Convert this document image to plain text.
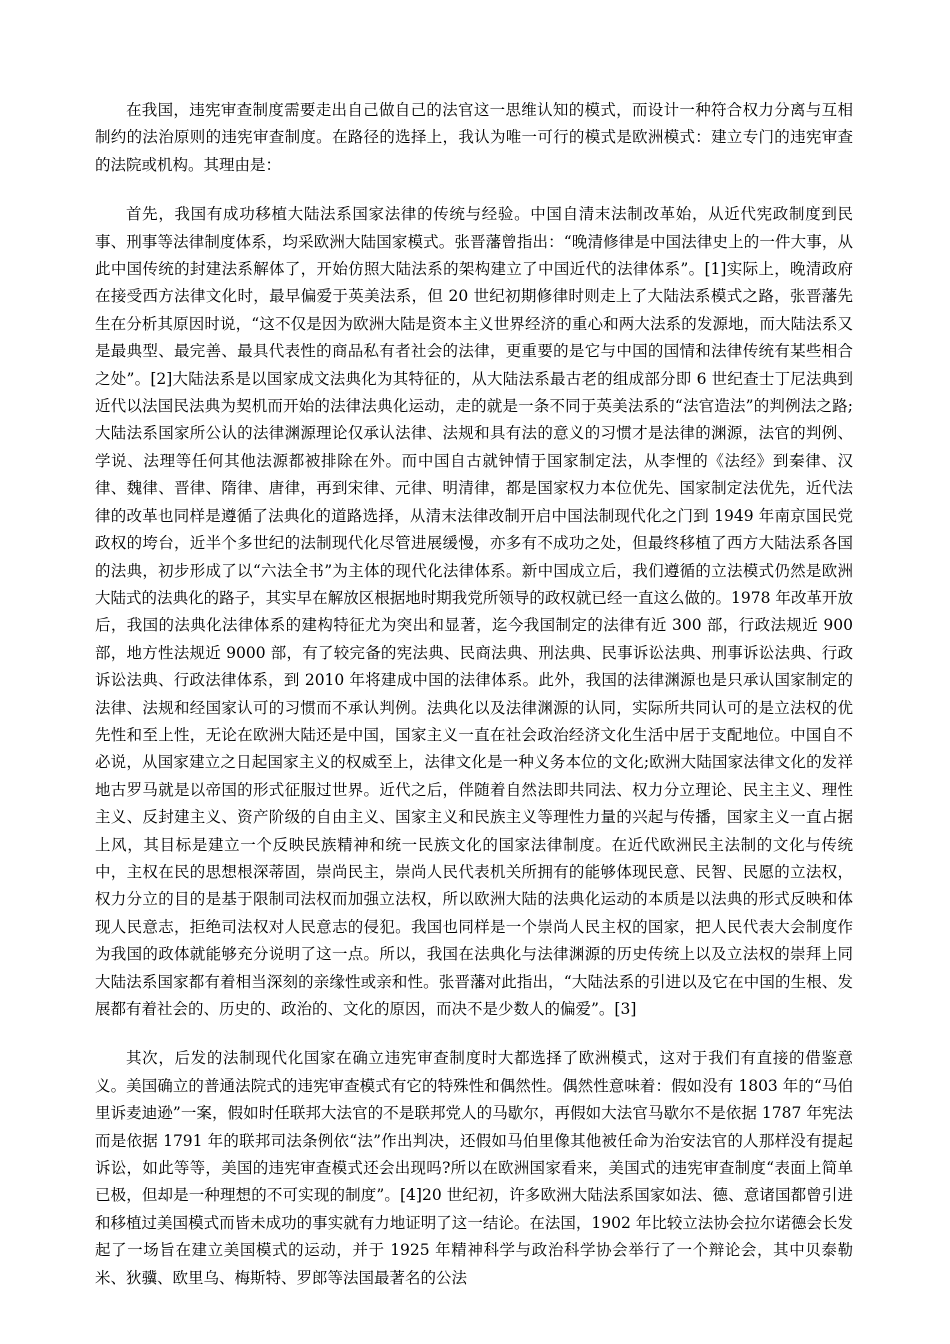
在我国，违宪审查制度需要走出自己做自己的法官这一思维认知的模式，而设计一种符合权力分离与互相制约的法治原则的违宪审查制度。在路径的选择上，我认为唯一可行的模式是欧洲模式：建立专门的违宪审查的法院或机构。其理由是：

首先，我国有成功移植大陆法系国家法律的传统与经验。中国自清末法制改革始，从近代宪政制度到民事、刑事等法律制度体系，均采欧洲大陆国家模式。张晋藩曾指出：“晚清修律是中国法律史上的一件大事，从此中国传统的封建法系解体了，开始仿照大陆法系的架构建立了中国近代的法律体系”。[1]实际上，晚清政府在接受西方法律文化时，最早偏爱于英美法系，但 20 世纪初期修律时则走上了大陆法系模式之路，张晋藩先生在分析其原因时说，“这不仅是因为欧洲大陆是资本主义世界经济的重心和两大法系的发源地，而大陆法系又是最典型、最完善、最具代表性的商品私有者社会的法律，更重要的是它与中国的国情和法律传统有某些相合之处”。[2]大陆法系是以国家成文法典化为其特征的，从大陆法系最古老的组成部分即 6 世纪查士丁尼法典到近代以法国民法典为契机而开始的法律法典化运动，走的就是一条不同于英美法系的“法官造法”的判例法之路;大陆法系国家所公认的法律渊源理论仅承认法律、法规和具有法的意义的习惯才是法律的渊源，法官的判例、学说、法理等任何其他法源都被排除在外。而中国自古就钟情于国家制定法，从李悝的《法经》到秦律、汉律、魏律、晋律、隋律、唐律，再到宋律、元律、明清律，都是国家权力本位优先、国家制定法优先，近代法律的改革也同样是遵循了法典化的道路选择，从清末法律改制开启中国法制现代化之门到 1949 年南京国民党政权的垮台，近半个多世纪的法制现代化尽管进展缓慢，亦多有不成功之处，但最终移植了西方大陆法系各国的法典，初步形成了以“六法全书”为主体的现代化法律体系。新中国成立后，我们遵循的立法模式仍然是欧洲大陆式的法典化的路子，其实早在解放区根据地时期我党所领导的政权就已经一直这么做的。1978 年改革开放后，我国的法典化法律体系的建构特征尤为突出和显著，迄今我国制定的法律有近 300 部，行政法规近 900 部，地方性法规近 9000 部，有了较完备的宪法典、民商法典、刑法典、民事诉讼法典、刑事诉讼法典、行政诉讼法典、行政法律体系，到 2010 年将建成中国的法律体系。此外，我国的法律渊源也是只承认国家制定的法律、法规和经国家认可的习惯而不承认判例。法典化以及法律渊源的认同，实际所共同认可的是立法权的优先性和至上性，无论在欧洲大陆还是中国，国家主义一直在社会政治经济文化生活中居于支配地位。中国自不必说，从国家建立之日起国家主义的权威至上，法律文化是一种义务本位的文化;欧洲大陆国家法律文化的发祥地古罗马就是以帝国的形式征服过世界。近代之后，伴随着自然法即共同法、权力分立理论、民主主义、理性主义、反封建主义、资产阶级的自由主义、国家主义和民族主义等理性力量的兴起与传播，国家主义一直占据上风，其目标是建立一个反映民族精神和统一民族文化的国家法律制度。在近代欧洲民主法制的文化与传统中，主权在民的思想根深蒂固，崇尚民主，崇尚人民代表机关所拥有的能够体现民意、民智、民愿的立法权，权力分立的目的是基于限制司法权而加强立法权，所以欧洲大陆的法典化运动的本质是以法典的形式反映和体现人民意志，拒绝司法权对人民意志的侵犯。我国也同样是一个崇尚人民主权的国家，把人民代表大会制度作为我国的政体就能够充分说明了这一点。所以，我国在法典化与法律渊源的历史传统上以及立法权的崇拜上同大陆法系国家都有着相当深刻的亲缘性或亲和性。张晋藩对此指出，“大陆法系的引进以及它在中国的生根、发展都有着社会的、历史的、政治的、文化的原因，而决不是少数人的偏爱”。[3]

其次，后发的法制现代化国家在确立违宪审查制度时大都选择了欧洲模式，这对于我们有直接的借鉴意义。美国确立的普通法院式的违宪审查模式有它的特殊性和偶然性。偶然性意味着：假如没有 1803 年的“马伯里诉麦迪逊”一案，假如时任联邦大法官的不是联邦党人的马歇尔，再假如大法官马歇尔不是依据 1787 年宪法而是依据 1791 年的联邦司法条例依“法”作出判决，还假如马伯里像其他被任命为治安法官的人那样没有提起诉讼，如此等等，美国的违宪审查模式还会出现吗?所以在欧洲国家看来，美国式的违宪审查制度“表面上简单已极，但却是一种理想的不可实现的制度”。[4]20 世纪初，许多欧洲大陆法系国家如法、德、意诸国都曾引进和移植过美国模式而皆未成功的事实就有力地证明了这一结论。在法国，1902 年比较立法协会拉尔诺德会长发起了一场旨在建立美国模式的运动，并于 1925 年精神科学与政治科学协会举行了一个辩论会，其中贝泰勒米、狄骥、欧里乌、梅斯特、罗郎等法国最著名的公法
